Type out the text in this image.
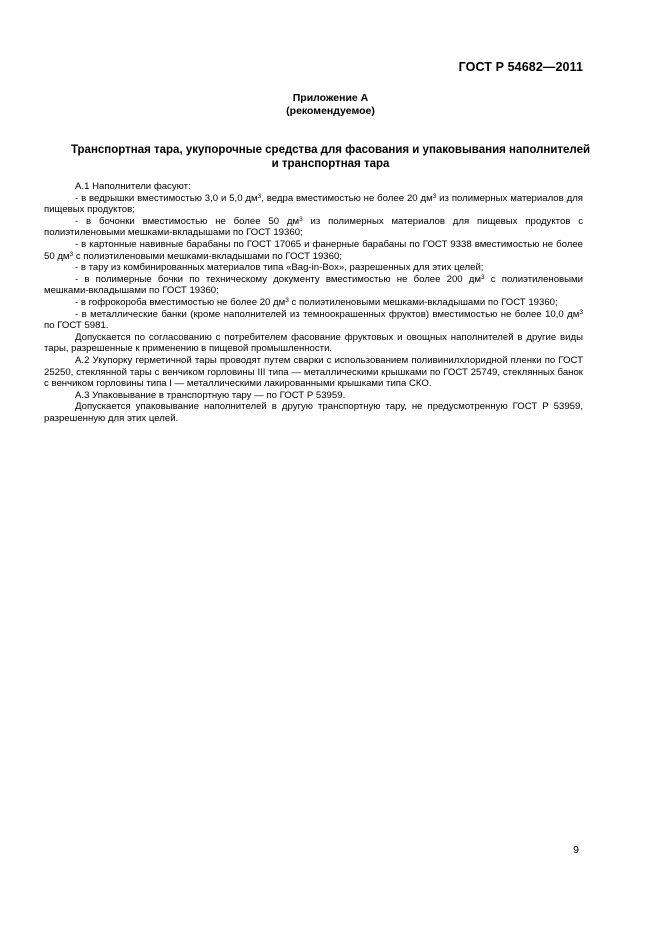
ГОСТ Р 54682—2011
Приложение А
(рекомендуемое)
Транспортная тара, укупорочные средства для фасования и упаковывания наполнителей
и транспортная тара

А.1 Наполнители фасуют:

- в ведрышки вместимостью 3,0 и 5,0 $дм^3$, ведра вместимостью не более 20 $дм^3$ из полимерных материалов для пищевых продуктов;

- в бочонки вместимостью не более 50 $дм^3$ из полимерных материалов для пищевых продуктов с полиэтиленовыми мешками-вкладышами по ГОСТ 19360;

- в картонные навивные барабаны по ГОСТ 17065 и фанерные барабаны по ГОСТ 9338 вместимостью не более 50 $дм^3$ с полиэтиленовыми мешками-вкладышами по ГОСТ 19360;

- в тару из комбинированных материалов типа «Bag-in-Box», разрешенных для этих целей;

- в полимерные бочки по техническому документу вместимостью не более 200 $дм^3$ с полиэтиленовыми мешками-вкладышами по ГОСТ 19360;

- в гофрокороба вместимостью не более 20 $дм^3$ с полиэтиленовыми мешками-вкладышами по ГОСТ 19360;

- в металлические банки (кроме наполнителей из темноокрашенных фруктов) вместимостью не более 10,0 $дм^3$ по ГОСТ 5981.

Допускается по согласованию с потребителем фасование фруктовых и овощных наполнителей в другие виды тары, разрешенные к применению в пищевой промышленности.

А.2 Укупорку герметичной тары проводят путем сварки с использованием поливинилхлоридной пленки по ГОСТ 25250, стеклянной тары с венчиком горловины III типа — металлическими крышками по ГОСТ 25749, стеклянных банок с венчиком горловины типа I — металлическими лакированными крышками типа СКО.

А.3 Упаковывание в транспортную тару — по ГОСТ Р 53959.

Допускается упаковывание наполнителей в другую транспортную тару, не предусмотренную ГОСТ Р 53959, разрешенную для этих целей.

9
